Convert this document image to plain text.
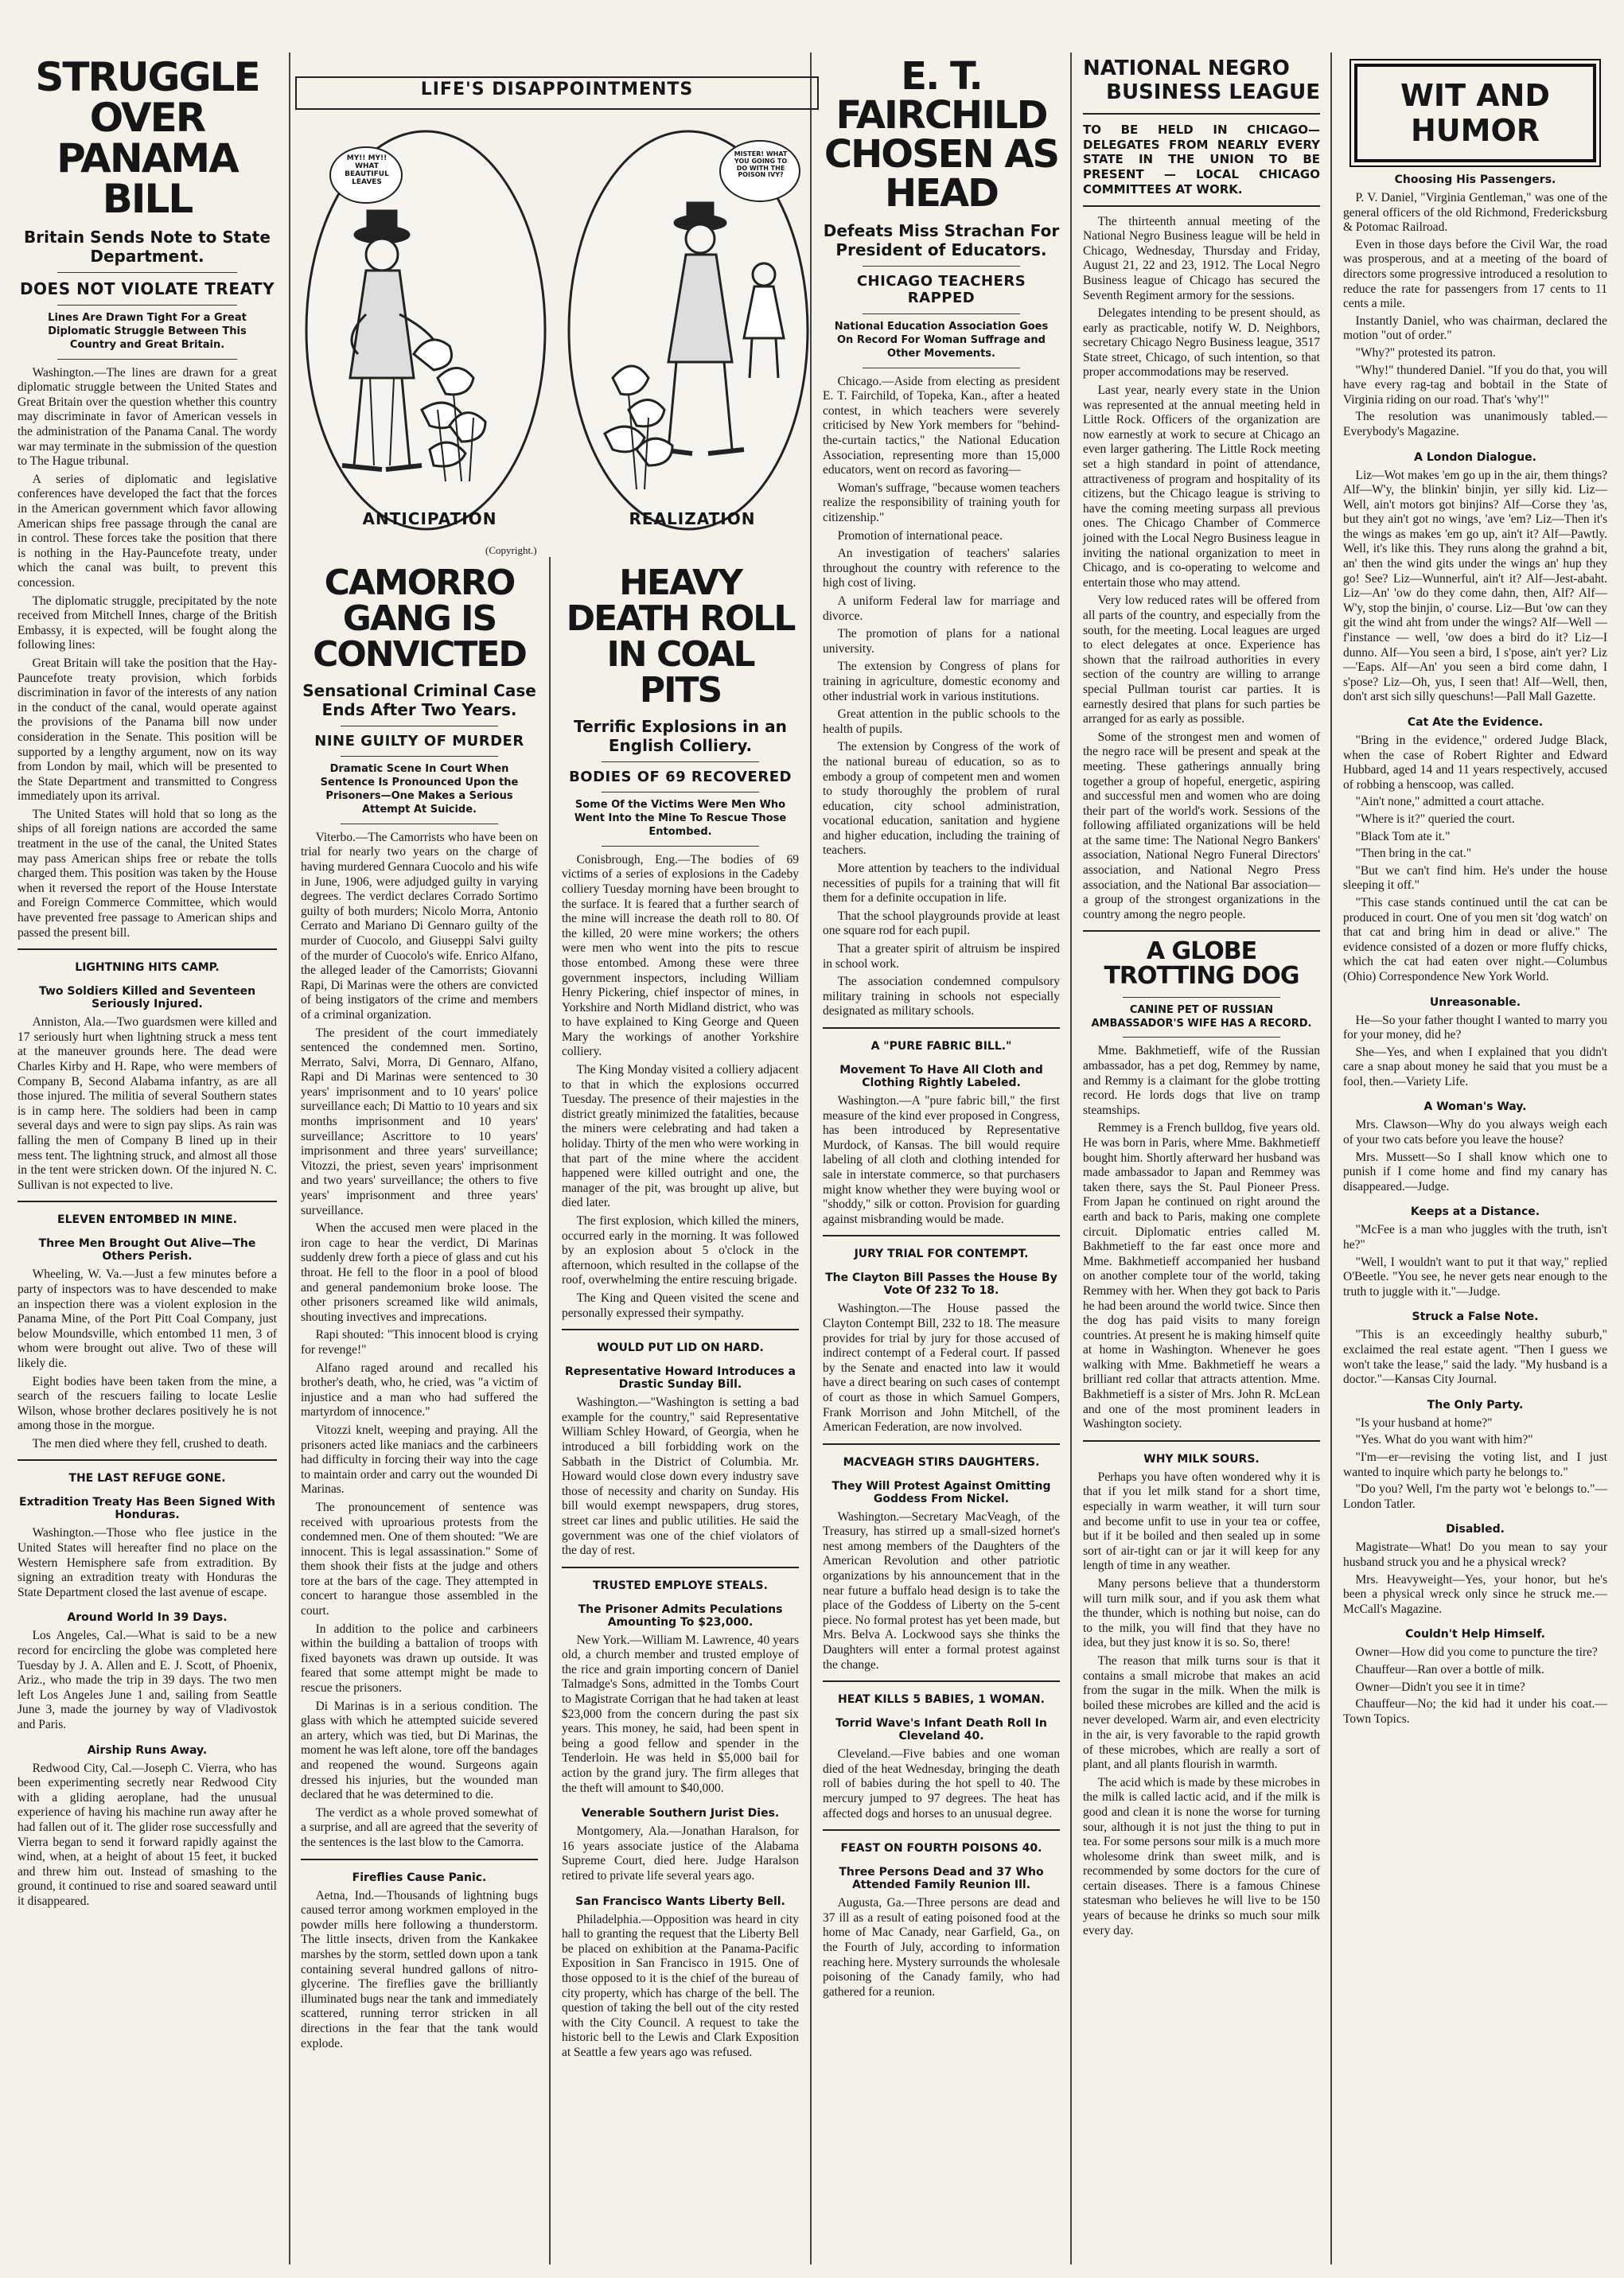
STRUGGLE OVER PANAMA BILL
Britain Sends Note to State Department.
DOES NOT VIOLATE TREATY
Lines Are Drawn Tight For a Great Diplomatic Struggle Between This Country and Great Britain.

Washington.—The lines are drawn for a great diplomatic struggle between the United States and Great Britain over the question whether this country may discriminate in favor of American vessels in the administration of the Panama Canal. The wordy war may terminate in the submission of the question to The Hague tribunal.

A series of diplomatic and legislative conferences have developed the fact that the forces in the American government which favor allowing American ships free passage through the canal are in control. These forces take the position that there is nothing in the Hay-Pauncefote treaty, under which the canal was built, to prevent this concession.

The diplomatic struggle, precipitated by the note received from Mitchell Innes, charge of the British Embassy, it is expected, will be fought along the following lines:

Great Britain will take the position that the Hay-Pauncefote treaty provision, which forbids discrimination in favor of the interests of any nation in the conduct of the canal, would operate against the provisions of the Panama bill now under consideration in the Senate. This position will be supported by a lengthy argument, now on its way from London by mail, which will be presented to the State Department and transmitted to Congress immediately upon its arrival.

The United States will hold that so long as the ships of all foreign nations are accorded the same treatment in the use of the canal, the United States may pass American ships free or rebate the tolls charged them. This position was taken by the House when it reversed the report of the House Interstate and Foreign Commerce Committee, which would have prevented free passage to American ships and passed the present bill.

LIGHTNING HITS CAMP.
Two Soldiers Killed and Seventeen Seriously Injured.

Anniston, Ala.—Two guardsmen were killed and 17 seriously hurt when lightning struck a mess tent at the maneuver grounds here. The dead were Charles Kirby and H. Rape, who were members of Company B, Second Alabama infantry, as are all those injured. The militia of several Southern states is in camp here. The soldiers had been in camp several days and were to sign pay slips. As rain was falling the men of Company B lined up in their mess tent. The lightning struck, and almost all those in the tent were stricken down. Of the injured N. C. Sullivan is not expected to live.

ELEVEN ENTOMBED IN MINE.
Three Men Brought Out Alive—The Others Perish.

Wheeling, W. Va.—Just a few minutes before a party of inspectors was to have descended to make an inspection there was a violent explosion in the Panama Mine, of the Port Pitt Coal Company, just below Moundsville, which entombed 11 men, 3 of whom were brought out alive. Two of these will likely die.

Eight bodies have been taken from the mine, a search of the rescuers failing to locate Leslie Wilson, whose brother declares positively he is not among those in the morgue.

The men died where they fell, crushed to death.

THE LAST REFUGE GONE.
Extradition Treaty Has Been Signed With Honduras.

Washington.—Those who flee justice in the United States will hereafter find no place on the Western Hemisphere safe from extradition. By signing an extradition treaty with Honduras the State Department closed the last avenue of escape.

Around World In 39 Days.

Los Angeles, Cal.—What is said to be a new record for encircling the globe was completed here Tuesday by J. A. Allen and E. J. Scott, of Phoenix, Ariz., who made the trip in 39 days. The two men left Los Angeles June 1 and, sailing from Seattle June 3, made the journey by way of Vladivostok and Paris.

Airship Runs Away.

Redwood City, Cal.—Joseph C. Vierra, who has been experimenting secretly near Redwood City with a gliding aeroplane, had the unusual experience of having his machine run away after he had fallen out of it. The glider rose successfully and Vierra began to send it forward rapidly against the wind, when, at a height of about 15 feet, it bucked and threw him out. Instead of smashing to the ground, it continued to rise and soared seaward until it disappeared.

MY!! MY!! WHAT BEAUTIFUL LEAVES
MISTER! WHAT YOU GOING TO DO WITH THE POISON IVY?
ANTICIPATION	REALIZATION
LIFE'S DISAPPOINTMENTS
(Copyright.)
CAMORRO GANG IS CONVICTED
Sensational Criminal Case Ends After Two Years.
NINE GUILTY OF MURDER
Dramatic Scene In Court When Sentence Is Pronounced Upon the Prisoners—One Makes a Serious Attempt At Suicide.

Viterbo.—The Camorrists who have been on trial for nearly two years on the charge of having murdered Gennara Cuocolo and his wife in June, 1906, were adjudged guilty in varying degrees. The verdict declares Corrado Sortimo guilty of both murders; Nicolo Morra, Antonio Cerrato and Mariano Di Gennaro guilty of the murder of Cuocolo, and Giuseppi Salvi guilty of the murder of Cuocolo's wife. Enrico Alfano, the alleged leader of the Camorrists; Giovanni Rapi, Di Marinas were the others are convicted of being instigators of the crime and members of a criminal organization.

The president of the court immediately sentenced the condemned men. Sortino, Merrato, Salvi, Morra, Di Gennaro, Alfano, Rapi and Di Marinas were sentenced to 30 years' imprisonment and to 10 years' police surveillance each; Di Mattio to 10 years and six months imprisonment and 10 years' surveillance; Ascrittore to 10 years' imprisonment and three years' surveillance; Vitozzi, the priest, seven years' imprisonment and two years' surveillance; the others to five years' imprisonment and three years' surveillance.

When the accused men were placed in the iron cage to hear the verdict, Di Marinas suddenly drew forth a piece of glass and cut his throat. He fell to the floor in a pool of blood and general pandemonium broke loose. The other prisoners screamed like wild animals, shouting invectives and imprecations.

Rapi shouted: "This innocent blood is crying for revenge!"

Alfano raged around and recalled his brother's death, who, he cried, was "a victim of injustice and a man who had suffered the martyrdom of innocence."

Vitozzi knelt, weeping and praying. All the prisoners acted like maniacs and the carbineers had difficulty in forcing their way into the cage to maintain order and carry out the wounded Di Marinas.

The pronouncement of sentence was received with uproarious protests from the condemned men. One of them shouted: "We are innocent. This is legal assassination." Some of them shook their fists at the judge and others tore at the bars of the cage. They attempted in concert to harangue those assembled in the court.

In addition to the police and carbineers within the building a battalion of troops with fixed bayonets was drawn up outside. It was feared that some attempt might be made to rescue the prisoners.

Di Marinas is in a serious condition. The glass with which he attempted suicide severed an artery, which was tied, but Di Marinas, the moment he was left alone, tore off the bandages and reopened the wound. Surgeons again dressed his injuries, but the wounded man declared that he was determined to die.

The verdict as a whole proved somewhat of a surprise, and all are agreed that the severity of the sentences is the last blow to the Camorra.

Fireflies Cause Panic.

Aetna, Ind.—Thousands of lightning bugs caused terror among workmen employed in the powder mills here following a thunderstorm. The little insects, driven from the Kankakee marshes by the storm, settled down upon a tank containing several hundred gallons of nitro-glycerine. The fireflies gave the brilliantly illuminated bugs near the tank and immediately scattered, running terror stricken in all directions in the fear that the tank would explode.

HEAVY DEATH ROLL IN COAL PITS
Terrific Explosions in an English Colliery.
BODIES OF 69 RECOVERED
Some Of the Victims Were Men Who Went Into the Mine To Rescue Those Entombed.

Conisbrough, Eng.—The bodies of 69 victims of a series of explosions in the Cadeby colliery Tuesday morning have been brought to the surface. It is feared that a further search of the mine will increase the death roll to 80. Of the killed, 20 were mine workers; the others were men who went into the pits to rescue those entombed. Among these were three government inspectors, including William Henry Pickering, chief inspector of mines, in Yorkshire and North Midland district, who was to have explained to King George and Queen Mary the workings of another Yorkshire colliery.

The King Monday visited a colliery adjacent to that in which the explosions occurred Tuesday. The presence of their majesties in the district greatly minimized the fatalities, because the miners were celebrating and had taken a holiday. Thirty of the men who were working in that part of the mine where the accident happened were killed outright and one, the manager of the pit, was brought up alive, but died later.

The first explosion, which killed the miners, occurred early in the morning. It was followed by an explosion about 5 o'clock in the afternoon, which resulted in the collapse of the roof, overwhelming the entire rescuing brigade.

The King and Queen visited the scene and personally expressed their sympathy.

WOULD PUT LID ON HARD.
Representative Howard Introduces a Drastic Sunday Bill.

Washington.—"Washington is setting a bad example for the country," said Representative William Schley Howard, of Georgia, when he introduced a bill forbidding work on the Sabbath in the District of Columbia. Mr. Howard would close down every industry save those of necessity and charity on Sunday. His bill would exempt newspapers, drug stores, street car lines and public utilities. He said the government was one of the chief violators of the day of rest.

TRUSTED EMPLOYE STEALS.
The Prisoner Admits Peculations Amounting To $23,000.

New York.—William M. Lawrence, 40 years old, a church member and trusted employe of the rice and grain importing concern of Daniel Talmadge's Sons, admitted in the Tombs Court to Magistrate Corrigan that he had taken at least $23,000 from the concern during the past six years. This money, he said, had been spent in being a good fellow and spender in the Tenderloin. He was held in $5,000 bail for action by the grand jury. The firm alleges that the theft will amount to $40,000.

Venerable Southern Jurist Dies.

Montgomery, Ala.—Jonathan Haralson, for 16 years associate justice of the Alabama Supreme Court, died here. Judge Haralson retired to private life several years ago.

San Francisco Wants Liberty Bell.

Philadelphia.—Opposition was heard in city hall to granting the request that the Liberty Bell be placed on exhibition at the Panama-Pacific Exposition in San Francisco in 1915. One of those opposed to it is the chief of the bureau of city property, which has charge of the bell. The question of taking the bell out of the city rested with the City Council. A request to take the historic bell to the Lewis and Clark Exposition at Seattle a few years ago was refused.

E. T. FAIRCHILD CHOSEN AS HEAD
Defeats Miss Strachan For President of Educators.
CHICAGO TEACHERS RAPPED
National Education Association Goes On Record For Woman Suffrage and Other Movements.

Chicago.—Aside from electing as president E. T. Fairchild, of Topeka, Kan., after a heated contest, in which teachers were severely criticised by New York members for "behind-the-curtain tactics," the National Education Association, representing more than 15,000 educators, went on record as favoring—

Woman's suffrage, "because women teachers realize the responsibility of training youth for citizenship."

Promotion of international peace.

An investigation of teachers' salaries throughout the country with reference to the high cost of living.

A uniform Federal law for marriage and divorce.

The promotion of plans for a national university.

The extension by Congress of plans for training in agriculture, domestic economy and other industrial work in various institutions.

Great attention in the public schools to the health of pupils.

The extension by Congress of the work of the national bureau of education, so as to embody a group of competent men and women to study thoroughly the problem of rural education, city school administration, vocational education, sanitation and hygiene and higher education, including the training of teachers.

More attention by teachers to the individual necessities of pupils for a training that will fit them for a definite occupation in life.

That the school playgrounds provide at least one square rod for each pupil.

That a greater spirit of altruism be inspired in school work.

The association condemned compulsory military training in schools not especially designated as military schools.

A "PURE FABRIC BILL."
Movement To Have All Cloth and Clothing Rightly Labeled.

Washington.—A "pure fabric bill," the first measure of the kind ever proposed in Congress, has been introduced by Representative Murdock, of Kansas. The bill would require labeling of all cloth and clothing intended for sale in interstate commerce, so that purchasers might know whether they were buying wool or "shoddy," silk or cotton. Provision for guarding against misbranding would be made.

JURY TRIAL FOR CONTEMPT.
The Clayton Bill Passes the House By Vote Of 232 To 18.

Washington.—The House passed the Clayton Contempt Bill, 232 to 18. The measure provides for trial by jury for those accused of indirect contempt of a Federal court. If passed by the Senate and enacted into law it would have a direct bearing on such cases of contempt of court as those in which Samuel Gompers, Frank Morrison and John Mitchell, of the American Federation, are now involved.

MACVEAGH STIRS DAUGHTERS.
They Will Protest Against Omitting Goddess From Nickel.

Washington.—Secretary MacVeagh, of the Treasury, has stirred up a small-sized hornet's nest among members of the Daughters of the American Revolution and other patriotic organizations by his announcement that in the near future a buffalo head design is to take the place of the Goddess of Liberty on the 5-cent piece. No formal protest has yet been made, but Mrs. Belva A. Lockwood says she thinks the Daughters will enter a formal protest against the change.

HEAT KILLS 5 BABIES, 1 WOMAN.
Torrid Wave's Infant Death Roll In Cleveland 40.

Cleveland.—Five babies and one woman died of the heat Wednesday, bringing the death roll of babies during the hot spell to 40. The mercury jumped to 97 degrees. The heat has affected dogs and horses to an unusual degree.

FEAST ON FOURTH POISONS 40.
Three Persons Dead and 37 Who Attended Family Reunion Ill.

Augusta, Ga.—Three persons are dead and 37 ill as a result of eating poisoned food at the home of Mac Canady, near Garfield, Ga., on the Fourth of July, according to information reaching here. Mystery surrounds the wholesale poisoning of the Canady family, who had gathered for a reunion.

NATIONAL NEGRO
BUSINESS LEAGUE
TO BE HELD IN CHICAGO—DELEGATES FROM NEARLY EVERY STATE IN THE UNION TO BE PRESENT — LOCAL CHICAGO COMMITTEES AT WORK.

The thirteenth annual meeting of the National Negro Business league will be held in Chicago, Wednesday, Thursday and Friday, August 21, 22 and 23, 1912. The Local Negro Business league of Chicago has secured the Seventh Regiment armory for the sessions.

Delegates intending to be present should, as early as practicable, notify W. D. Neighbors, secretary Chicago Negro Business league, 3517 State street, Chicago, of such intention, so that proper accommodations may be reserved.

Last year, nearly every state in the Union was represented at the annual meeting held in Little Rock. Officers of the organization are now earnestly at work to secure at Chicago an even larger gathering. The Little Rock meeting set a high standard in point of attendance, attractiveness of program and hospitality of its citizens, but the Chicago league is striving to have the coming meeting surpass all previous ones. The Chicago Chamber of Commerce joined with the Local Negro Business league in inviting the national organization to meet in Chicago, and is co-operating to welcome and entertain those who may attend.

Very low reduced rates will be offered from all parts of the country, and especially from the south, for the meeting. Local leagues are urged to elect delegates at once. Experience has shown that the railroad authorities in every section of the country are willing to arrange special Pullman tourist car parties. It is earnestly desired that plans for such parties be arranged for as early as possible.

Some of the strongest men and women of the negro race will be present and speak at the meeting. These gatherings annually bring together a group of hopeful, energetic, aspiring and successful men and women who are doing their part of the world's work. Sessions of the following affiliated organizations will be held at the same time: The National Negro Bankers' association, National Negro Funeral Directors' association, and National Negro Press association, and the National Bar association—a group of the strongest organizations in the country among the negro people.

A GLOBE TROTTING DOG
CANINE PET OF RUSSIAN AMBASSADOR'S WIFE HAS A RECORD.

Mme. Bakhmetieff, wife of the Russian ambassador, has a pet dog, Remmey by name, and Remmy is a claimant for the globe trotting record. He lords dogs that live on tramp steamships.

Remmey is a French bulldog, five years old. He was born in Paris, where Mme. Bakhmetieff bought him. Shortly afterward her husband was made ambassador to Japan and Remmey was taken there, says the St. Paul Pioneer Press. From Japan he continued on right around the earth and back to Paris, making one complete circuit. Diplomatic entries called M. Bakhmetieff to the far east once more and Mme. Bakhmetieff accompanied her husband on another complete tour of the world, taking Remmey with her. When they got back to Paris he had been around the world twice. Since then the dog has paid visits to many foreign countries. At present he is making himself quite at home in Washington. Whenever he goes walking with Mme. Bakhmetieff he wears a brilliant red collar that attracts attention. Mme. Bakhmetieff is a sister of Mrs. John R. McLean and one of the most prominent leaders in Washington society.

WHY MILK SOURS.

Perhaps you have often wondered why it is that if you let milk stand for a short time, especially in warm weather, it will turn sour and become unfit to use in your tea or coffee, but if it be boiled and then sealed up in some sort of air-tight can or jar it will keep for any length of time in any weather.

Many persons believe that a thunderstorm will turn milk sour, and if you ask them what the thunder, which is nothing but noise, can do to the milk, you will find that they have no idea, but they just know it is so. So, there!

The reason that milk turns sour is that it contains a small microbe that makes an acid from the sugar in the milk. When the milk is boiled these microbes are killed and the acid is never developed. Warm air, and even electricity in the air, is very favorable to the rapid growth of these microbes, which are really a sort of plant, and all plants flourish in warmth.

The acid which is made by these microbes in the milk is called lactic acid, and if the milk is good and clean it is none the worse for turning sour, although it is not just the thing to put in tea. For some persons sour milk is a much more wholesome drink than sweet milk, and is recommended by some doctors for the cure of certain diseases. There is a famous Chinese statesman who believes he will live to be 150 years of because he drinks so much sour milk every day.

WIT AND HUMOR
Choosing His Passengers.

P. V. Daniel, "Virginia Gentleman," was one of the general officers of the old Richmond, Fredericksburg & Potomac Railroad.

Even in those days before the Civil War, the road was prosperous, and at a meeting of the board of directors some progressive introduced a resolution to reduce the rate for passengers from 17 cents to 11 cents a mile.

Instantly Daniel, who was chairman, declared the motion "out of order."

"Why?" protested its patron.

"Why!" thundered Daniel. "If you do that, you will have every rag-tag and bobtail in the State of Virginia riding on our road. That's 'why'!"

The resolution was unanimously tabled.—Everybody's Magazine.

A London Dialogue.

Liz—Wot makes 'em go up in the air, them things? Alf—W'y, the blinkin' binjin, yer silly kid. Liz—Well, ain't motors got binjins? Alf—Corse they 'as, but they ain't got no wings, 'ave 'em? Liz—Then it's the wings as makes 'em go up, ain't it? Alf—Pawtly. Well, it's like this. They runs along the grahnd a bit, an' then the wind gits under the wings an' hup they go! See? Liz—Wunnerful, ain't it? Alf—Jest-abaht. Liz—An' 'ow do they come dahn, then, Alf? Alf—W'y, stop the binjin, o' course. Liz—But 'ow can they git the wind aht from under the wings? Alf—Well — f'instance — well, 'ow does a bird do it? Liz—I dunno. Alf—You seen a bird, I s'pose, ain't yer? Liz—'Eaps. Alf—An' you seen a bird come dahn, I s'pose? Liz—Oh, yus, I seen that! Alf—Well, then, don't arst sich silly queschuns!—Pall Mall Gazette.

Cat Ate the Evidence.

"Bring in the evidence," ordered Judge Black, when the case of Robert Righter and Edward Hubbard, aged 14 and 11 years respectively, accused of robbing a henscoop, was called.

"Ain't none," admitted a court attache.

"Where is it?" queried the court.

"Black Tom ate it."

"Then bring in the cat."

"But we can't find him. He's under the house sleeping it off."

"This case stands continued until the cat can be produced in court. One of you men sit 'dog watch' on that cat and bring him in dead or alive." The evidence consisted of a dozen or more fluffy chicks, which the cat had eaten over night.—Columbus (Ohio) Correspondence New York World.

Unreasonable.

He—So your father thought I wanted to marry you for your money, did he?

She—Yes, and when I explained that you didn't care a snap about money he said that you must be a fool, then.—Variety Life.

A Woman's Way.

Mrs. Clawson—Why do you always weigh each of your two cats before you leave the house?

Mrs. Mussett—So I shall know which one to punish if I come home and find my canary has disappeared.—Judge.

Keeps at a Distance.

"McFee is a man who juggles with the truth, isn't he?"

"Well, I wouldn't want to put it that way," replied O'Beetle. "You see, he never gets near enough to the truth to juggle with it."—Judge.

Struck a False Note.

"This is an exceedingly healthy suburb," exclaimed the real estate agent. "Then I guess we won't take the lease," said the lady. "My husband is a doctor."—Kansas City Journal.

The Only Party.

"Is your husband at home?"

"Yes. What do you want with him?"

"I'm—er—revising the voting list, and I just wanted to inquire which party he belongs to."

"Do you? Well, I'm the party wot 'e belongs to."—London Tatler.

Disabled.

Magistrate—What! Do you mean to say your husband struck you and he a physical wreck?

Mrs. Heavyweight—Yes, your honor, but he's been a physical wreck only since he struck me.—McCall's Magazine.

Couldn't Help Himself.

Owner—How did you come to puncture the tire?

Chauffeur—Ran over a bottle of milk.

Owner—Didn't you see it in time?

Chauffeur—No; the kid had it under his coat.—Town Topics.
